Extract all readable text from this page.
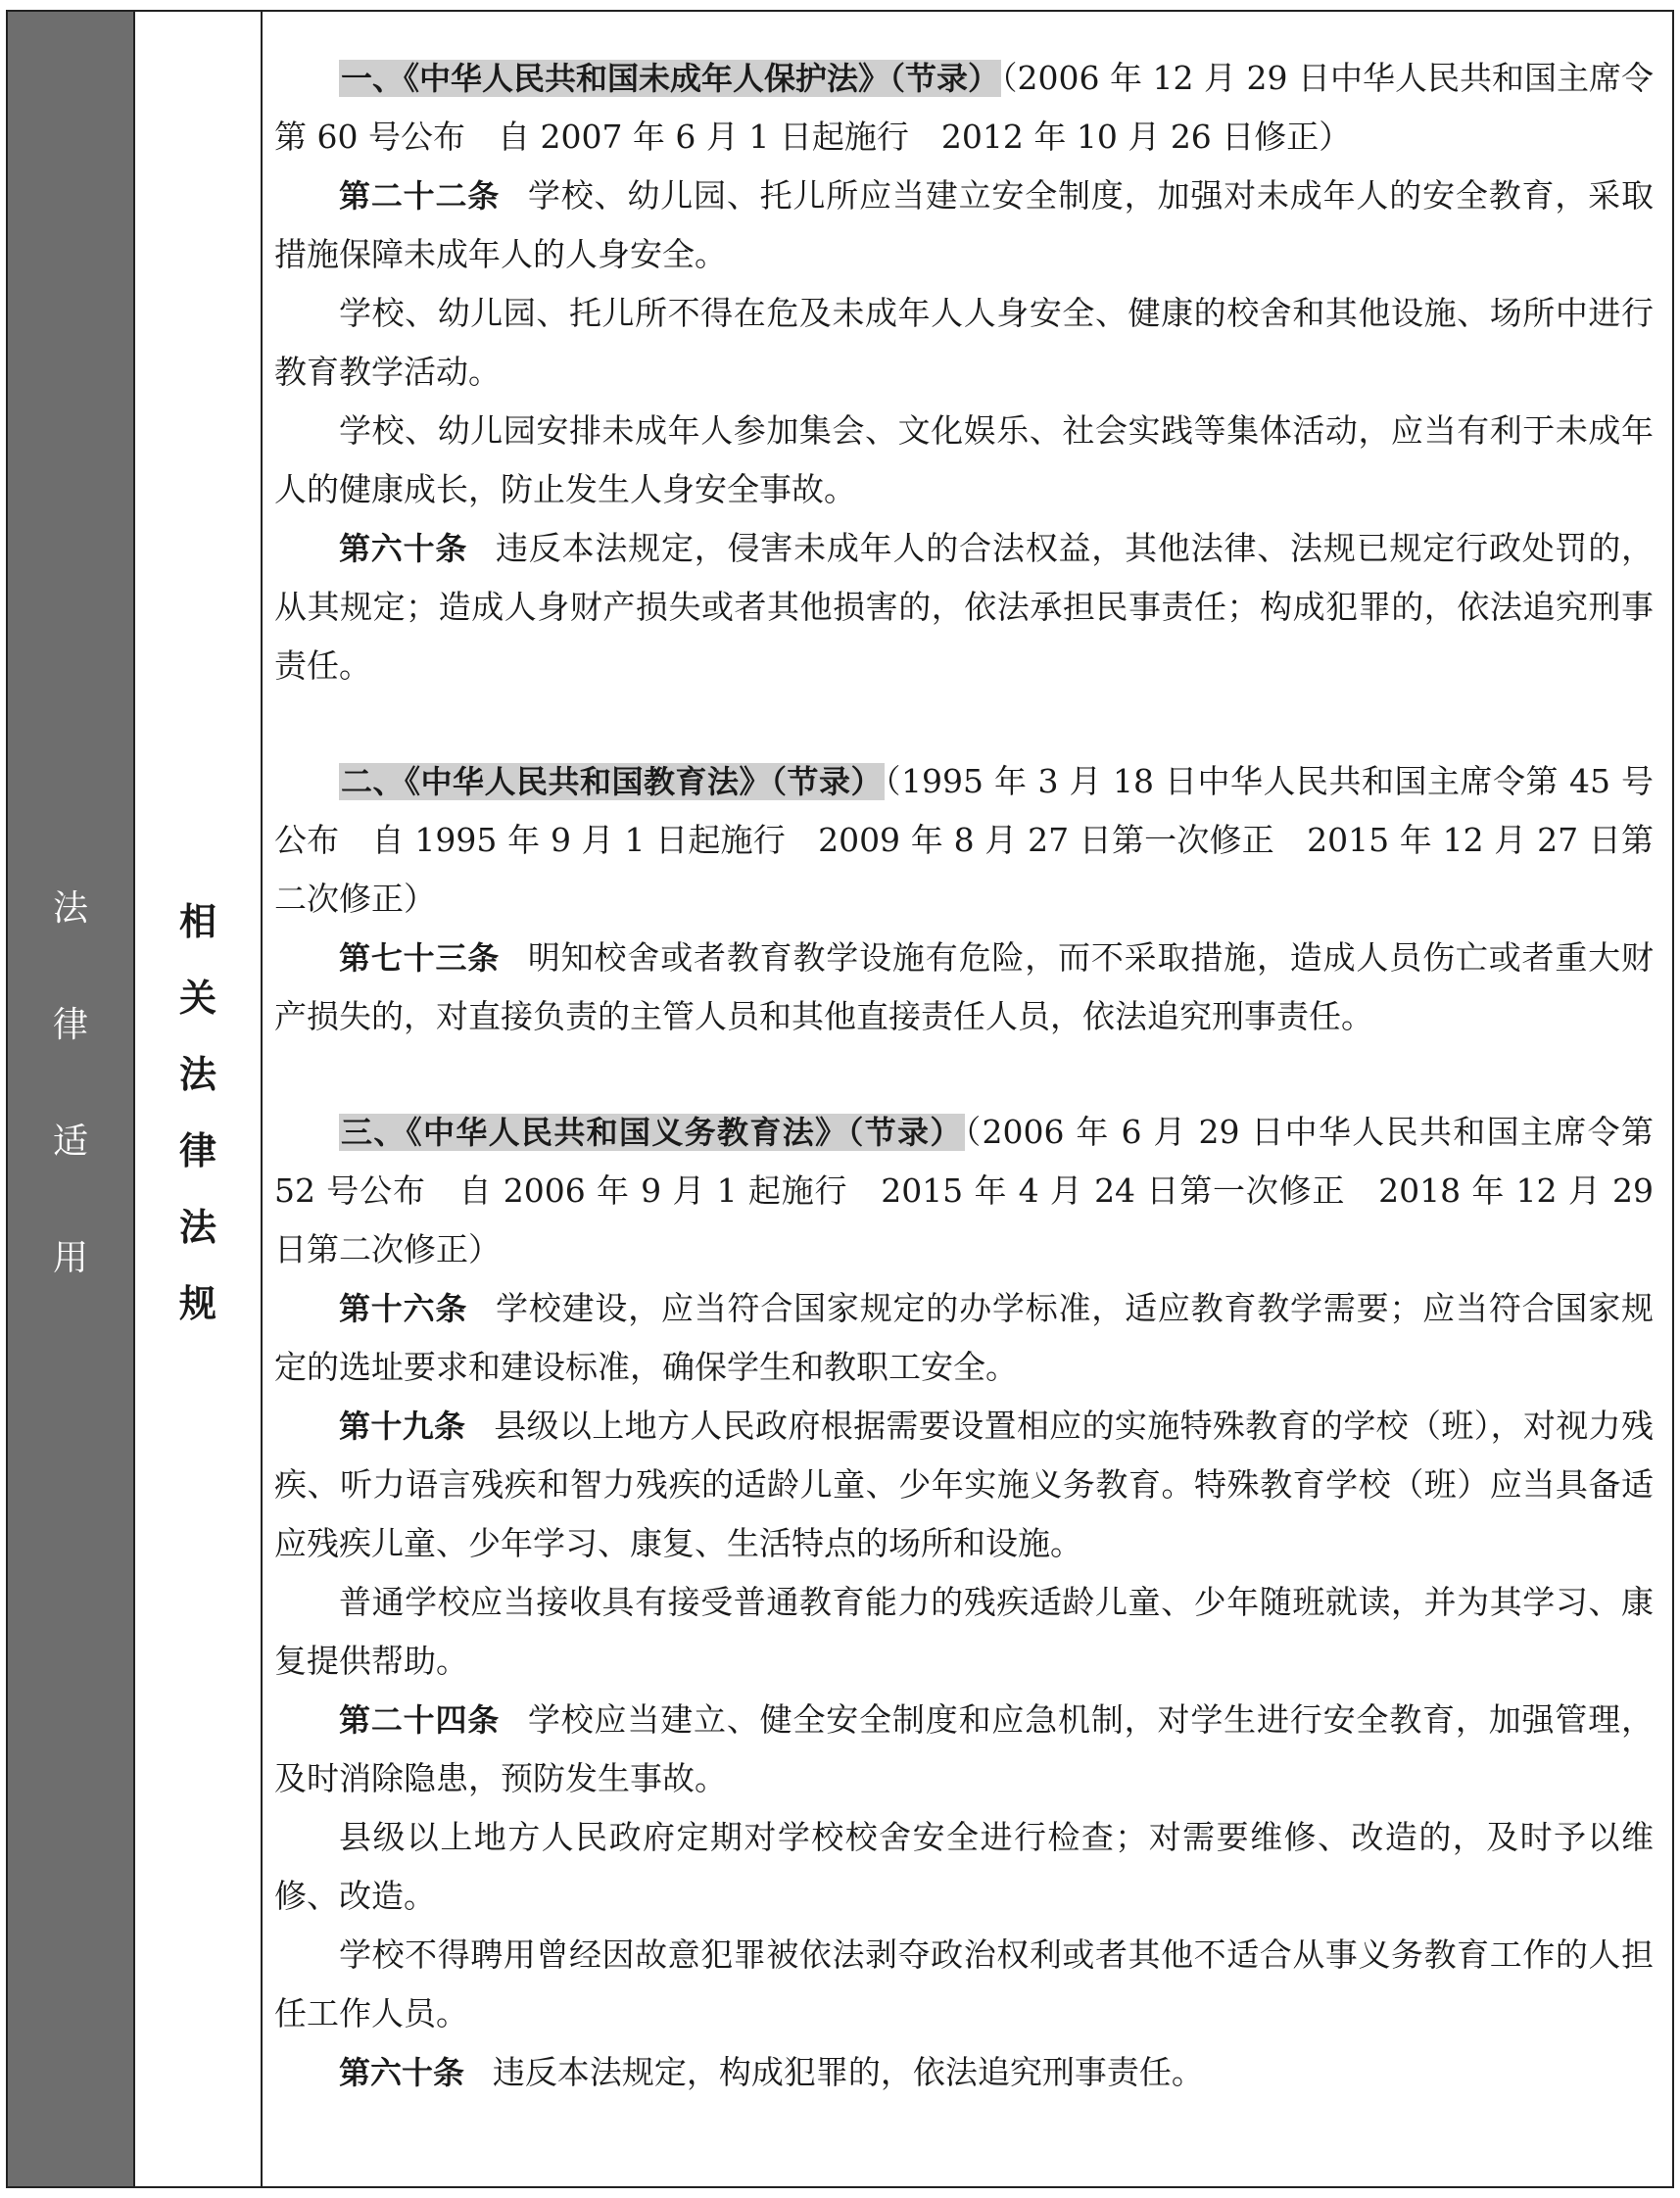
法
律
适
用
相
关
法
律
法
规

一、《中华人民共和国未成年人保护法》（节录）（2006 年 12 月 29 日中华人民共和国主席令第 60 号公布　自 2007 年 6 月 1 日起施行　2012 年 10 月 26 日修正）

第二十二条 学校、幼儿园、托儿所应当建立安全制度，加强对未成年人的安全教育，采取措施保障未成年人的人身安全。

学校、幼儿园、托儿所不得在危及未成年人人身安全、健康的校舍和其他设施、场所中进行教育教学活动。

学校、幼儿园安排未成年人参加集会、文化娱乐、社会实践等集体活动，应当有利于未成年人的健康成长，防止发生人身安全事故。

第六十条 违反本法规定，侵害未成年人的合法权益，其他法律、法规已规定行政处罚的，从其规定；造成人身财产损失或者其他损害的，依法承担民事责任；构成犯罪的，依法追究刑事责任。

二、《中华人民共和国教育法》（节录）（1995 年 3 月 18 日中华人民共和国主席令第 45 号公布　自 1995 年 9 月 1 日起施行　2009 年 8 月 27 日第一次修正　2015 年 12 月 27 日第二次修正）

第七十三条 明知校舍或者教育教学设施有危险，而不采取措施，造成人员伤亡或者重大财产损失的，对直接负责的主管人员和其他直接责任人员，依法追究刑事责任。

三、《中华人民共和国义务教育法》（节录）（2006 年 6 月 29 日中华人民共和国主席令第 52 号公布　自 2006 年 9 月 1 起施行　2015 年 4 月 24 日第一次修正　2018 年 12 月 29 日第二次修正）

第十六条 学校建设，应当符合国家规定的办学标准，适应教育教学需要；应当符合国家规定的选址要求和建设标准，确保学生和教职工安全。

第十九条 县级以上地方人民政府根据需要设置相应的实施特殊教育的学校（班），对视力残疾、听力语言残疾和智力残疾的适龄儿童、少年实施义务教育。特殊教育学校（班）应当具备适应残疾儿童、少年学习、康复、生活特点的场所和设施。

普通学校应当接收具有接受普通教育能力的残疾适龄儿童、少年随班就读，并为其学习、康复提供帮助。

第二十四条 学校应当建立、健全安全制度和应急机制，对学生进行安全教育，加强管理，及时消除隐患，预防发生事故。

县级以上地方人民政府定期对学校校舍安全进行检查；对需要维修、改造的，及时予以维修、改造。

学校不得聘用曾经因故意犯罪被依法剥夺政治权利或者其他不适合从事义务教育工作的人担任工作人员。

第六十条 违反本法规定，构成犯罪的，依法追究刑事责任。
